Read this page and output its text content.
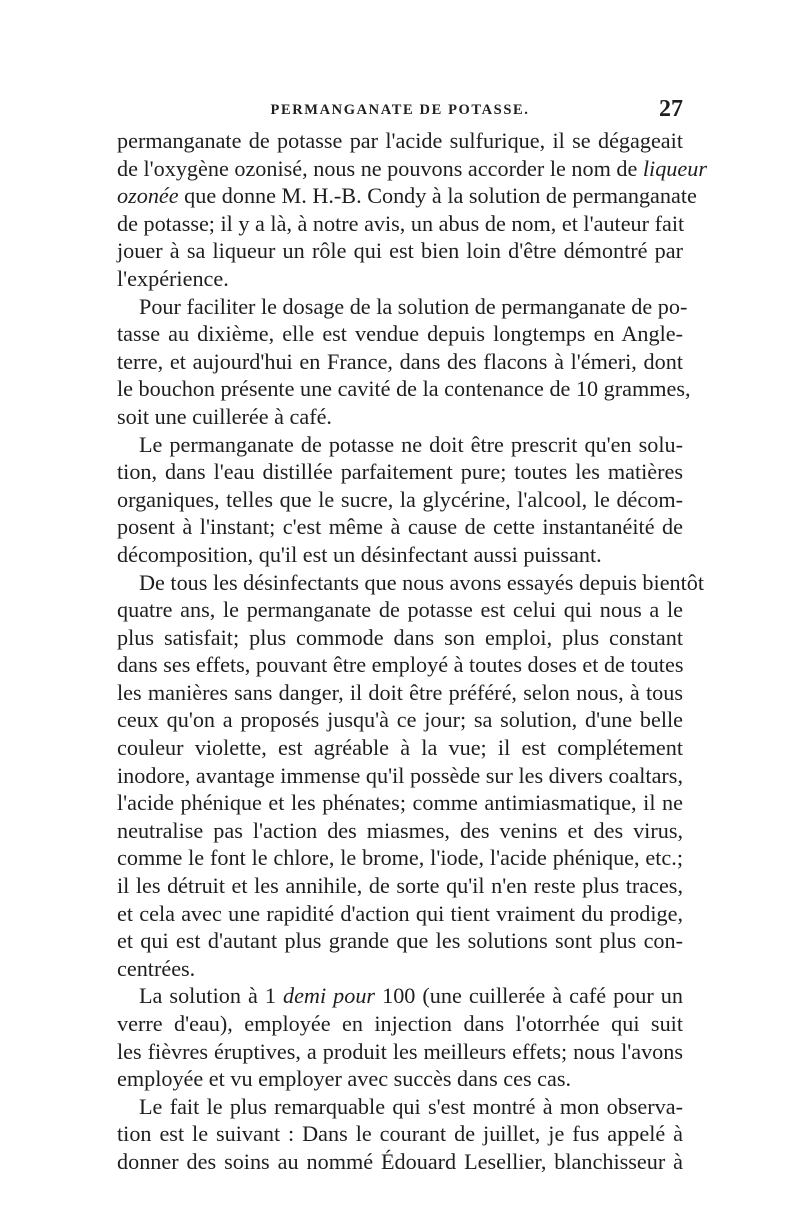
PERMANGANATE DE POTASSE.	27

permanganate de potasse par l'acide sulfurique, il se dégageait
de l'oxygène ozonisé, nous ne pouvons accorder le nom de liqueur
ozonée que donne M. H.-B. Condy à la solution de permanganate
de potasse; il y a là, à notre avis, un abus de nom, et l'auteur fait
jouer à sa liqueur un rôle qui est bien loin d'être démontré par
l'expérience.

Pour faciliter le dosage de la solution de permanganate de po-
tasse au dixième, elle est vendue depuis longtemps en Angle-
terre, et aujourd'hui en France, dans des flacons à l'émeri, dont
le bouchon présente une cavité de la contenance de 10 grammes,
soit une cuillerée à café.

Le permanganate de potasse ne doit être prescrit qu'en solu-
tion, dans l'eau distillée parfaitement pure; toutes les matières
organiques, telles que le sucre, la glycérine, l'alcool, le décom-
posent à l'instant; c'est même à cause de cette instantanéité de
décomposition, qu'il est un désinfectant aussi puissant.

De tous les désinfectants que nous avons essayés depuis bientôt
quatre ans, le permanganate de potasse est celui qui nous a le
plus satisfait; plus commode dans son emploi, plus constant
dans ses effets, pouvant être employé à toutes doses et de toutes
les manières sans danger, il doit être préféré, selon nous, à tous
ceux qu'on a proposés jusqu'à ce jour; sa solution, d'une belle
couleur violette, est agréable à la vue; il est complétement
inodore, avantage immense qu'il possède sur les divers coaltars,
l'acide phénique et les phénates; comme antimiasmatique, il ne
neutralise pas l'action des miasmes, des venins et des virus,
comme le font le chlore, le brome, l'iode, l'acide phénique, etc.;
il les détruit et les annihile, de sorte qu'il n'en reste plus traces,
et cela avec une rapidité d'action qui tient vraiment du prodige,
et qui est d'autant plus grande que les solutions sont plus con-
centrées.

La solution à 1 demi pour 100 (une cuillerée à café pour un
verre d'eau), employée en injection dans l'otorrhée qui suit
les fièvres éruptives, a produit les meilleurs effets; nous l'avons
employée et vu employer avec succès dans ces cas.

Le fait le plus remarquable qui s'est montré à mon observa-
tion est le suivant : Dans le courant de juillet, je fus appelé à
donner des soins au nommé Édouard Lesellier, blanchisseur à
